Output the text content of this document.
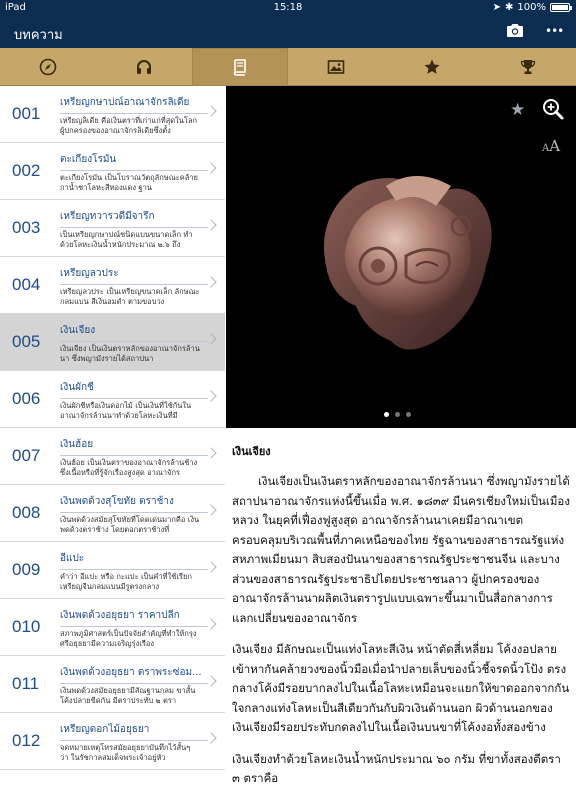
iPad	15:18	➤ ✱ 100%
บทความ	•••
001
เหรียญกษาปณ์อาณาจักรลิเดีย
เหรียญลิเดีย คือเงินตราที่เก่าแก่ที่สุดในโลก ผู้ปกครองของอาณาจักรลิเดียซึ่งตั้ง
002
ตะเกียงโรมัน
ตะเกียงโรมัน เป็นโบราณวัตถุลักษณะคล้ายกาน้ำชาโลหะสีทองแดง ฐาน
003
เหรียญทวารวดีมีจารึก
เป็นเหรียญกษาปณ์ชนิดแบนขนาดเล็ก ทำด้วยโลหะเงินน้ำหนักประมาณ ๒.๖ ถึง
004
เหรียญลวประ
เหรียญลวประ เป็นเหรียญขนาดเล็ก ลักษณะกลมแบน สีเงินอมดำ ตามขอบวง
005
เงินเจียง
เงินเจียง เป็นเงินตราหลักของอาณาจักรล้านนา ซึ่งพญามังรายได้สถาปนา
006
เงินผักชี
เงินผักชีหรือเงินดอกไม้ เป็นเงินที่ใช้กันในอาณาจักรล้านนาทำด้วยโลหะเงินที่มี
007
เงินฮ้อย
เงินฮ้อย เป็นเงินตราของอาณาจักรล้านช้าง ซึ่งเนื้อหรือที่รู้จักเรื่องสูงสุด อาณาจักร
008
เงินพดด้วงสุโขทัย ตราช้าง
เงินพดด้วงสมัยสุโขทัยที่โดดเด่นมากคือ เงินพดด้วงตราช้าง โดยตอกตราช้างที่
009
อีแปะ
คำว่า อีแปะ หรือ กะแปะ เป็นคำที่ใช้เรียกเหรียญจีนกลมแบนมีรูตรงกลาง
010
เงินพดด้วงอยุธยา ราคาปลีก
สภาพภูมิศาสตร์เป็นปัจจัยสำคัญที่ทำให้กรุงศรีอยุธยามีความเจริญรุ่งเรือง
011
เงินพดด้วงอยุธยา ตราพระซ่อม...
เงินพดด้วงสมัยอยุธยามีสัณฐานกลม ขาสั้นโค้งปลายขีดกัน มีตราประทับ ๒ ตรา
012
เหรียญดอกไม้อยุธยา
จดหมายเหตุโหรสมัยอยุธยาบันทึกไว้สั้นๆ ว่า ในรัชกาลสมเด็จพระเจ้าอยู่หัว
★
AA
เงินเจียง

เงินเจียงเป็นเงินตราหลักของอาณาจักรล้านนา ซึ่งพญามังรายได้สถาปนาอาณาจักรแห่งนี้ขึ้นเมื่อ พ.ศ. ๑๘๓๙ มีนครเชียงใหม่เป็นเมืองหลวง ในยุคที่เฟื่องฟูสูงสุด อาณาจักรล้านนาเคยมีอาณาเขตครอบคลุมบริเวณพื้นที่ภาคเหนือของไทย รัฐฉานของสาธารณรัฐแห่งสหภาพเมียนมา สิบสองปันนาของสาธารณรัฐประชาชนจีน และบางส่วนของสาธารณรัฐประชาธิปไตยประชาชนลาว ผู้ปกครองของอาณาจักรล้านนาผลิตเงินตรารูปแบบเฉพาะขึ้นมาเป็นสื่อกลางการแลกเปลี่ยนของอาณาจักร

เงินเจียง มีลักษณะเป็นแท่งโลหะสีเงิน หน้าตัดสี่เหลี่ยม โค้งงอปลายเข้าหากันคล้ายวงของนิ้วมือเมื่อนำปลายเล็บของนิ้วชี้จรดนิ้วโป้ง ตรงกลางโค้งมีรอยบากลงไปในเนื้อโลหะเหมือนจะแยกให้ขาดออกจากกันใจกลางแท่งโลหะเป็นสีเดียวกันกับผิวเงินด้านนอก ผิวด้านนอกของเงินเจียงมีรอยประทับกดลงไปในเนื้อเงินบนขาที่โค้งงอทั้งสองข้าง

เงินเจียงทำด้วยโลหะเงินน้ำหนักประมาณ ๖๐ กรัม ที่ขาทั้งสองตีตรา ๓ ตราคือ
